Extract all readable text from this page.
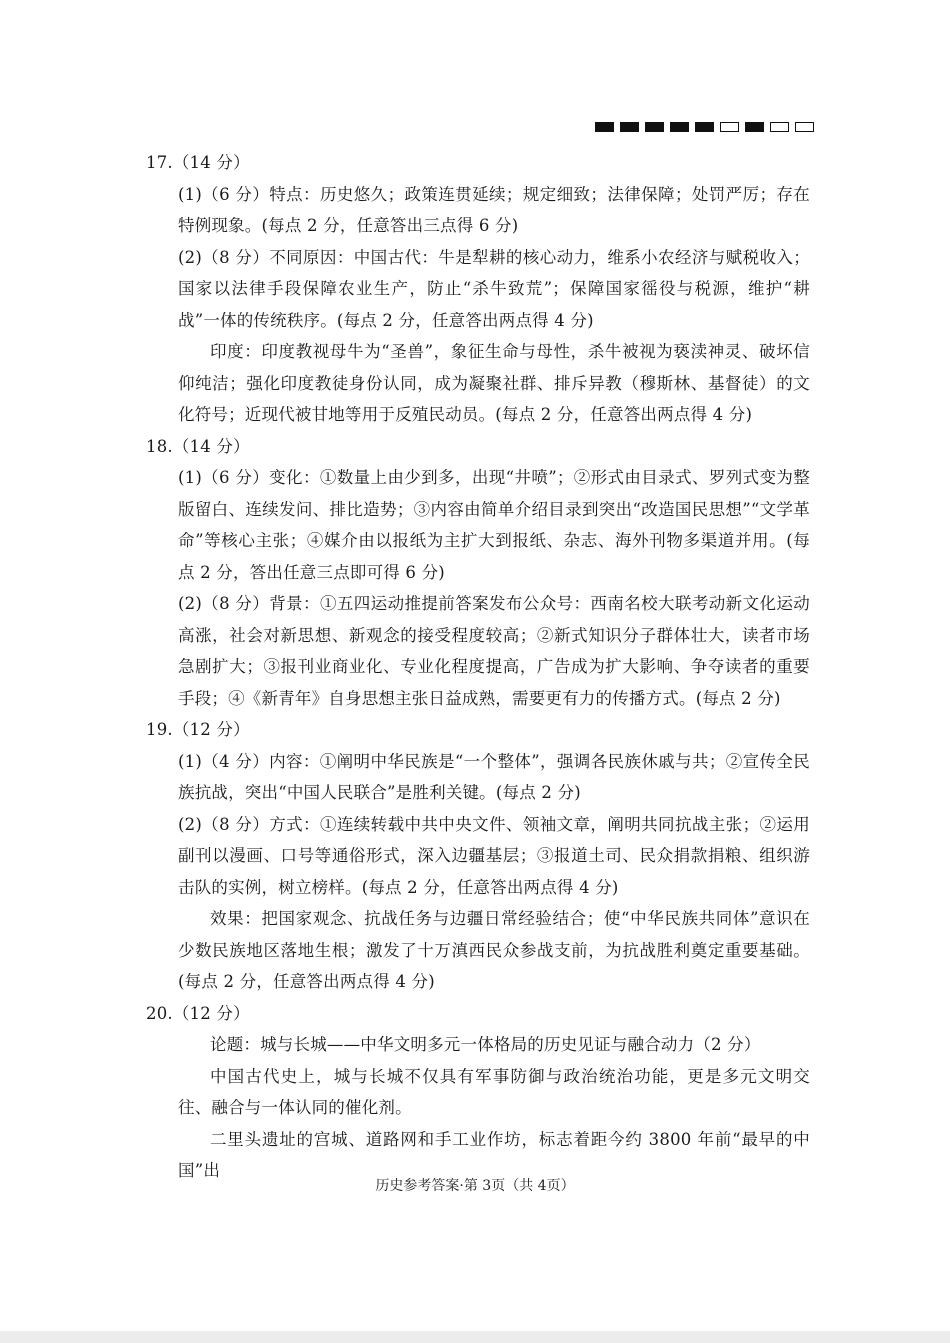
17.（14 分）

(1)（6 分）特点：历史悠久；政策连贯延续；规定细致；法律保障；处罚严厉；存在特例现象。(每点 2 分，任意答出三点得 6 分)

(2)（8 分）不同原因：中国古代：牛是犁耕的核心动力，维系小农经济与赋税收入；国家以法律手段保障农业生产，防止“杀牛致荒”；保障国家徭役与税源，维护“耕战”一体的传统秩序。(每点 2 分，任意答出两点得 4 分)

印度：印度教视母牛为“圣兽”，象征生命与母性，杀牛被视为亵渎神灵、破坏信仰纯洁；强化印度教徒身份认同，成为凝聚社群、排斥异教（穆斯林、基督徒）的文化符号；近现代被甘地等用于反殖民动员。(每点 2 分，任意答出两点得 4 分)

18.（14 分）

(1)（6 分）变化：①数量上由少到多，出现“井喷”；②形式由目录式、罗列式变为整版留白、连续发问、排比造势；③内容由简单介绍目录到突出“改造国民思想”“文学革命”等核心主张；④媒介由以报纸为主扩大到报纸、杂志、海外刊物多渠道并用。(每点 2 分，答出任意三点即可得 6 分)

(2)（8 分）背景：①五四运动推提前答案发布公众号：西南名校大联考动新文化运动高涨，社会对新思想、新观念的接受程度较高；②新式知识分子群体壮大，读者市场急剧扩大；③报刊业商业化、专业化程度提高，广告成为扩大影响、争夺读者的重要手段；④《新青年》自身思想主张日益成熟，需要更有力的传播方式。(每点 2 分)

19.（12 分）

(1)（4 分）内容：①阐明中华民族是“一个整体”，强调各民族休戚与共；②宣传全民族抗战，突出“中国人民联合”是胜利关键。(每点 2 分)

(2)（8 分）方式：①连续转载中共中央文件、领袖文章，阐明共同抗战主张；②运用副刊以漫画、口号等通俗形式，深入边疆基层；③报道土司、民众捐款捐粮、组织游击队的实例，树立榜样。(每点 2 分，任意答出两点得 4 分)

效果：把国家观念、抗战任务与边疆日常经验结合；使“中华民族共同体”意识在少数民族地区落地生根；激发了十万滇西民众参战支前，为抗战胜利奠定重要基础。(每点 2 分，任意答出两点得 4 分)

20.（12 分）

论题：城与长城——中华文明多元一体格局的历史见证与融合动力（2 分）

中国古代史上，城与长城不仅具有军事防御与政治统治功能，更是多元文明交往、融合与一体认同的催化剂。

二里头遗址的宫城、道路网和手工业作坊，标志着距今约 3800 年前“最早的中国”出

历史参考答案·第 3页（共 4页）
